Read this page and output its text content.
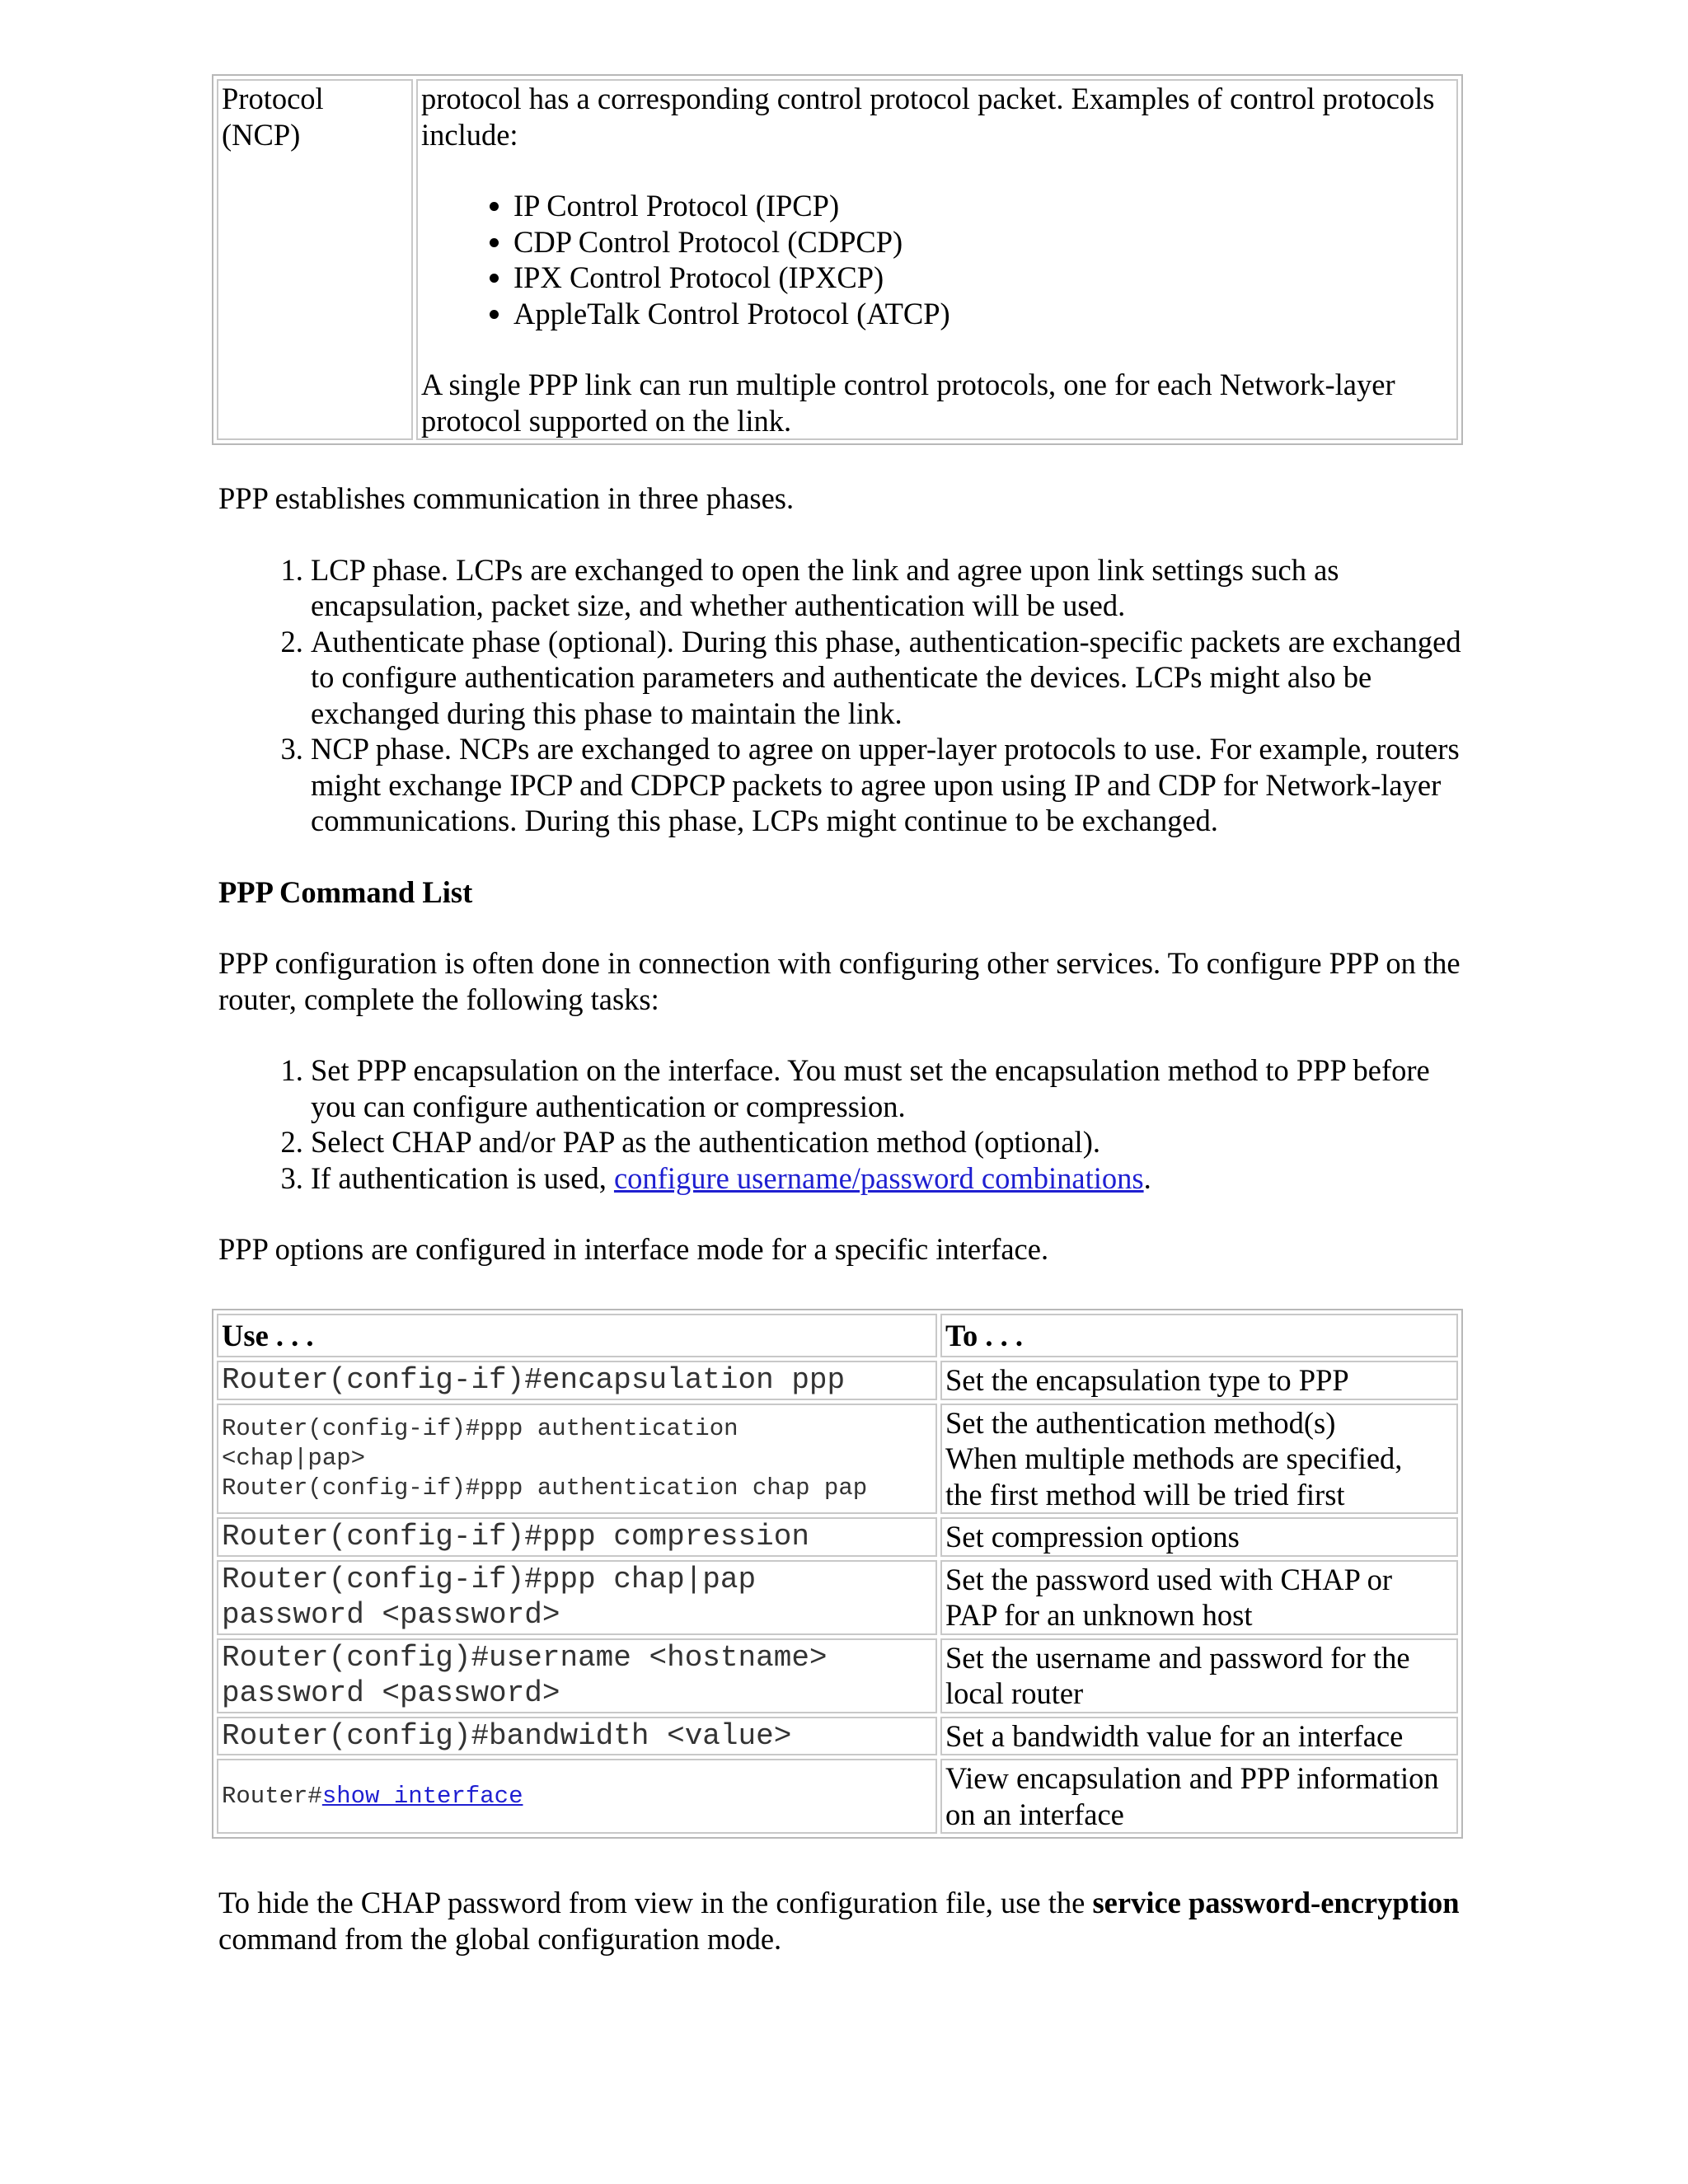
Protocol
(NCP)	

protocol has a corresponding control protocol packet. Examples of control protocols include:

• IP Control Protocol (IPCP)
• CDP Control Protocol (CDPCP)
• IPX Control Protocol (IPXCP)
• AppleTalk Control Protocol (ATCP)

A single PPP link can run multiple control protocols, one for each Network-layer protocol supported on the link.

PPP establishes communication in three phases.

1. LCP phase. LCPs are exchanged to open the link and agree upon link settings such as encapsulation, packet size, and whether authentication will be used.
2. Authenticate phase (optional). During this phase, authentication-specific packets are exchanged to configure authentication parameters and authenticate the devices. LCPs might also be exchanged during this phase to maintain the link.
3. NCP phase. NCPs are exchanged to agree on upper-layer protocols to use. For example, routers might exchange IPCP and CDPCP packets to agree upon using IP and CDP for Network-layer communications. During this phase, LCPs might continue to be exchanged.
PPP Command List

PPP configuration is often done in connection with configuring other services. To configure PPP on the router, complete the following tasks:

1. Set PPP encapsulation on the interface. You must set the encapsulation method to PPP before you can configure authentication or compression.
2. Select CHAP and/or PAP as the authentication method (optional).
3. If authentication is used, configure username/password combinations.

PPP options are configured in interface mode for a specific interface.

Use . . .	To . . .

Router(config-if)#encapsulation ppp	Set the encapsulation type to PPP

Router(config-if)#ppp authentication
<chap|pap>
Router(config-if)#ppp authentication chap pap	Set the authentication method(s)
When multiple methods are specified,
the first method will be tried first

Router(config-if)#ppp compression	Set compression options

Router(config-if)#ppp chap|pap
password <password>	Set the password used with CHAP or
PAP for an unknown host

Router(config)#username <hostname>
password <password>	Set the username and password for the
local router

Router(config)#bandwidth <value>	Set a bandwidth value for an interface
Router#show interface	View encapsulation and PPP information
on an interface

To hide the CHAP password from view in the configuration file, use the service password-encryption command from the global configuration mode.
